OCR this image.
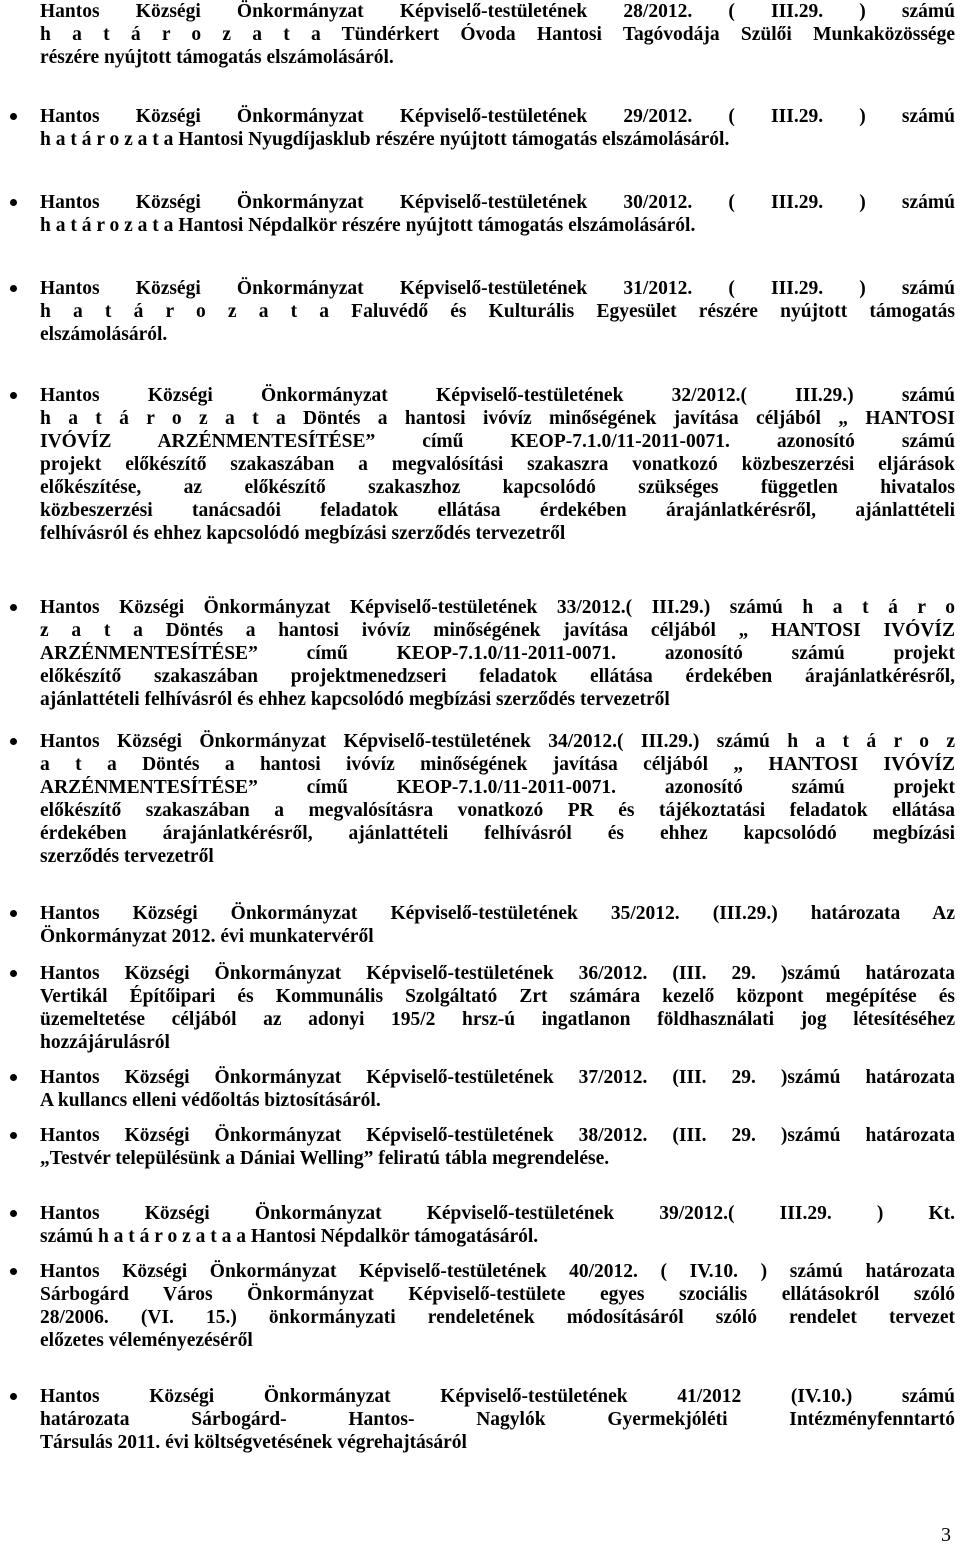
Hantos Községi Önkormányzat Képviselő-testületének 28/2012. ( III.29. ) számú
h a t á r o z a t a Tündérkert Óvoda Hantosi Tagóvodája Szülői Munkaközössége
részére nyújtott támogatás elszámolásáról.
Hantos Községi Önkormányzat Képviselő-testületének 29/2012. ( III.29. ) számú
h a t á r o z a t a Hantosi Nyugdíjasklub részére nyújtott támogatás elszámolásáról.
Hantos Községi Önkormányzat Képviselő-testületének 30/2012. ( III.29. ) számú
h a t á r o z a t a Hantosi Népdalkör részére nyújtott támogatás elszámolásáról.
Hantos Községi Önkormányzat Képviselő-testületének 31/2012. ( III.29. ) számú
h a t á r o z a t a Faluvédő és Kulturális Egyesület részére nyújtott támogatás
elszámolásáról.
Hantos Községi Önkormányzat Képviselő-testületének 32/2012.( III.29.) számú
h a t á r o z a t a Döntés a hantosi ivóvíz minőségének javítása céljából „ HANTOSI
IVÓVÍZ ARZÉNMENTESÍTÉSE” című KEOP-7.1.0/11-2011-0071. azonosító számú
projekt előkészítő szakaszában a megvalósítási szakaszra vonatkozó közbeszerzési eljárások
előkészítése, az előkészítő szakaszhoz kapcsolódó szükséges független hivatalos
közbeszerzési tanácsadói feladatok ellátása érdekében árajánlatkérésről, ajánlattételi
felhívásról és ehhez kapcsolódó megbízási szerződés tervezetről
Hantos Községi Önkormányzat Képviselő-testületének 33/2012.( III.29.) számú h a t á r o
z a t a Döntés a hantosi ivóvíz minőségének javítása céljából „ HANTOSI IVÓVÍZ
ARZÉNMENTESÍTÉSE” című KEOP-7.1.0/11-2011-0071. azonosító számú projekt
előkészítő szakaszában projektmenedzseri feladatok ellátása érdekében árajánlatkérésről,
ajánlattételi felhívásról és ehhez kapcsolódó megbízási szerződés tervezetről
Hantos Községi Önkormányzat Képviselő-testületének 34/2012.( III.29.) számú h a t á r o z
a t a Döntés a hantosi ivóvíz minőségének javítása céljából „ HANTOSI IVÓVÍZ
ARZÉNMENTESÍTÉSE” című KEOP-7.1.0/11-2011-0071. azonosító számú projekt
előkészítő szakaszában a megvalósításra vonatkozó PR és tájékoztatási feladatok ellátása
érdekében árajánlatkérésről, ajánlattételi felhívásról és ehhez kapcsolódó megbízási
szerződés tervezetről
Hantos Községi Önkormányzat Képviselő-testületének 35/2012. (III.29.) határozata Az
Önkormányzat 2012. évi munkatervéről
Hantos Községi Önkormányzat Képviselő-testületének 36/2012. (III. 29. )számú határozata
Vertikál Építőipari és Kommunális Szolgáltató Zrt számára kezelő központ megépítése és
üzemeltetése céljából az adonyi 195/2 hrsz-ú ingatlanon földhasználati jog létesítéséhez
hozzájárulásról
Hantos Községi Önkormányzat Képviselő-testületének 37/2012. (III. 29. )számú határozata
A kullancs elleni védőoltás biztosításáról.
Hantos Községi Önkormányzat Képviselő-testületének 38/2012. (III. 29. )számú határozata
„Testvér településünk a Dániai Welling” feliratú tábla megrendelése.
Hantos Községi Önkormányzat Képviselő-testületének 39/2012.( III.29. ) Kt.
számú h a t á r o z a t a a Hantosi Népdalkör támogatásáról.
Hantos Községi Önkormányzat Képviselő-testületének 40/2012. ( IV.10. ) számú határozata
Sárbogárd Város Önkormányzat Képviselő-testülete egyes szociális ellátásokról szóló
28/2006. (VI. 15.) önkormányzati rendeletének módosításáról szóló rendelet tervezet
előzetes véleményezéséről
Hantos Községi Önkormányzat Képviselő-testületének 41/2012 (IV.10.) számú
határozata Sárbogárd- Hantos- Nagylók Gyermekjóléti Intézményfenntartó
Társulás 2011. évi költségvetésének végrehajtásáról
3
